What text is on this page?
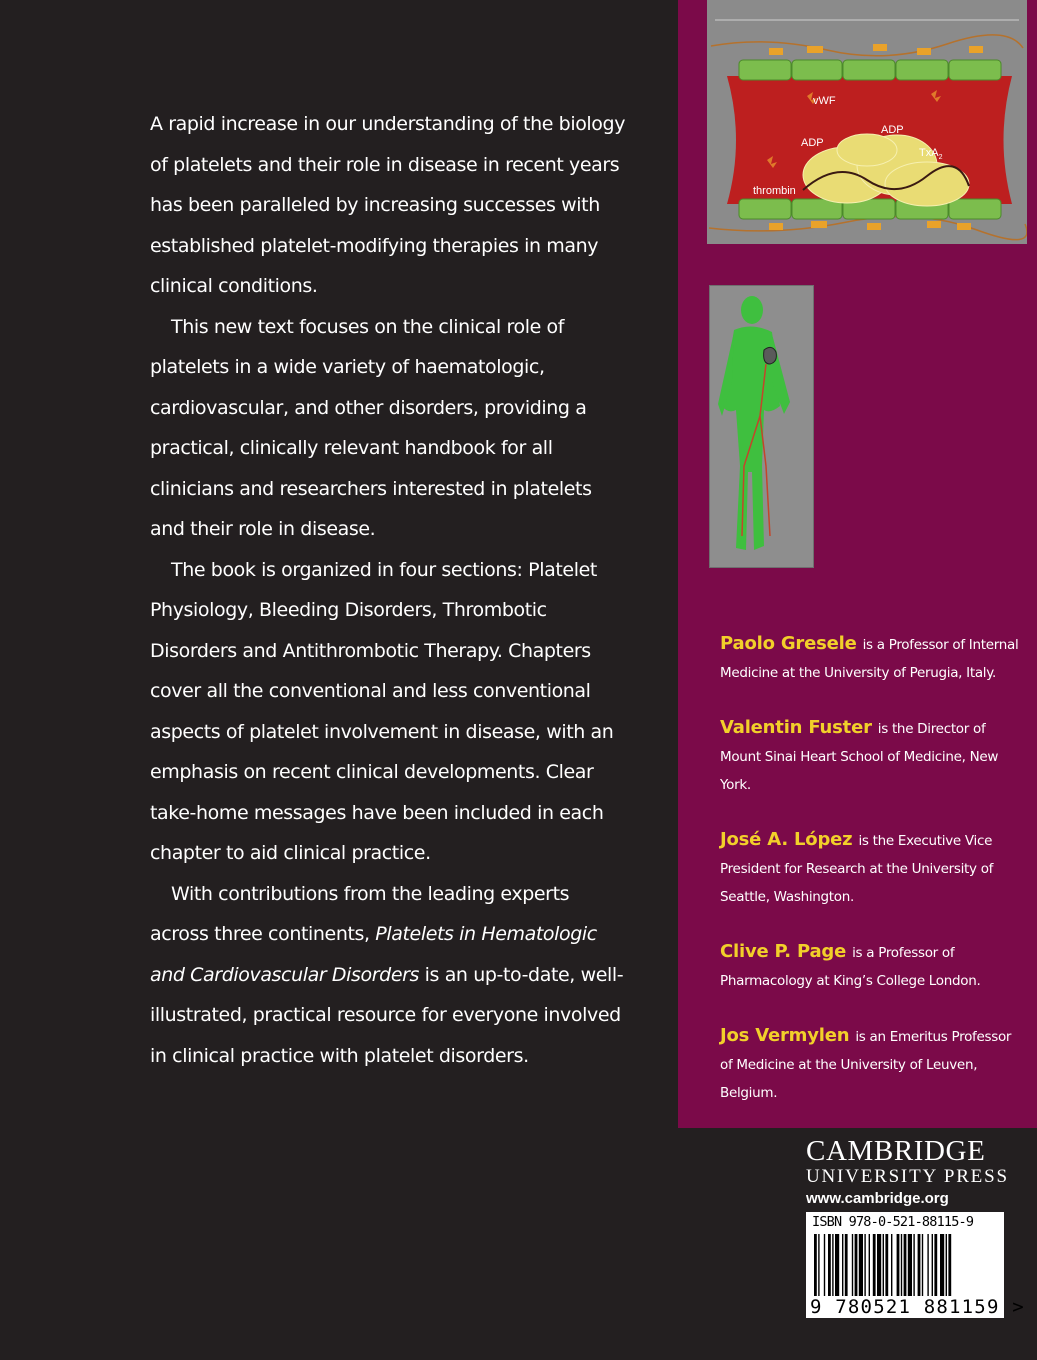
A rapid increase in our understanding of the biology of platelets and their role in disease in recent years has been paralleled by increasing successes with established platelet-modifying therapies in many clinical conditions.

This new text focuses on the clinical role of platelets in a wide variety of haematologic, cardiovascular, and other disorders, providing a practical, clinically relevant handbook for all clinicians and researchers interested in platelets and their role in disease.

The book is organized in four sections: Platelet Physiology, Bleeding Disorders, Thrombotic Disorders and Antithrombotic Therapy. Chapters cover all the conventional and less conventional aspects of platelet involvement in disease, with an emphasis on recent clinical developments. Clear take-home messages have been included in each chapter to aid clinical practice.

With contributions from the leading experts across three continents, Platelets in Hematologic and Cardiovascular Disorders is an up-to-date, well-illustrated, practical resource for everyone involved in clinical practice with platelet disorders.

vWF
ADP
ADP
TxA$_2$
thrombin
Paolo Gresele is a Professor of Internal Medicine at the University of Perugia, Italy.
Valentin Fuster is the Director of Mount Sinai Heart School of Medicine, New York.
José A. López is the Executive Vice President for Research at the University of Seattle, Washington.
Clive P. Page is a Professor of Pharmacology at King’s College London.
Jos Vermylen is an Emeritus Professor of Medicine at the University of Leuven, Belgium.
CAMBRIDGE
UNIVERSITY PRESS
www.cambridge.org
ISBN 978-0-521-88115-9
9 780521 881159 >
